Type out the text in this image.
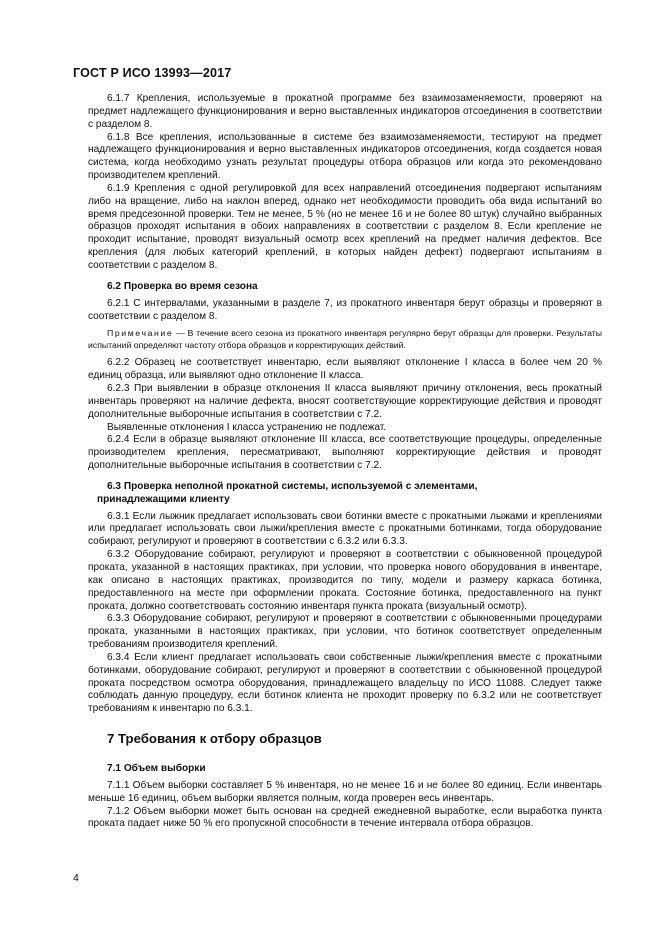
ГОСТ Р ИСО 13993—2017

6.1.7 Крепления, используемые в прокатной программе без взаимозаменяемости, проверяют на предмет надлежащего функционирования и верно выставленных индикаторов отсоединения в соответствии с разделом 8.

6.1.8 Все крепления, использованные в системе без взаимозаменяемости, тестируют на предмет надлежащего функционирования и верно выставленных индикаторов отсоединения, когда создается новая система, когда необходимо узнать результат процедуры отбора образцов или когда это рекомендовано производителем креплений.

6.1.9 Крепления с одной регулировкой для всех направлений отсоединения подвергают испытаниям либо на вращение, либо на наклон вперед, однако нет необходимости проводить оба вида испытаний во время предсезонной проверки. Тем не менее, 5 % (но не менее 16 и не более 80 штук) случайно выбранных образцов проходят испытания в обоих направлениях в соответствии с разделом 8. Если крепление не проходит испытание, проводят визуальный осмотр всех креплений на предмет наличия дефектов. Все крепления (для любых категорий креплений, в которых найден дефект) подвергают испытаниям в соответствии с разделом 8.

6.2 Проверка во время сезона

6.2.1 С интервалами, указанными в разделе 7, из прокатного инвентаря берут образцы и проверяют в соответствии с разделом 8.

Примечание — В течение всего сезона из прокатного инвентаря регулярно берут образцы для проверки. Результаты испытаний определяют частоту отбора образцов и корректирующих действий.

6.2.2 Образец не соответствует инвентарю, если выявляют отклонение I класса в более чем 20 % единиц образца, или выявляют одно отклонение II класса.

6.2.3 При выявлении в образце отклонения II класса выявляют причину отклонения, весь прокатный инвентарь проверяют на наличие дефекта, вносят соответствующие корректирующие действия и проводят дополнительные выборочные испытания в соответствии с 7.2.

Выявленные отклонения I класса устранению не подлежат.

6.2.4 Если в образце выявляют отклонение III класса, все соответствующие процедуры, определенные производителем крепления, пересматривают, выполняют корректирующие действия и проводят дополнительные выборочные испытания в соответствии с 7.2.

6.3 Проверка неполной прокатной системы, используемой с элементами,
принадлежащими клиенту

6.3.1 Если лыжник предлагает использовать свои ботинки вместе с прокатными лыжами и креплениями или предлагает использовать свои лыжи/крепления вместе с прокатными ботинками, тогда оборудование собирают, регулируют и проверяют в соответствии с 6.3.2 или 6.3.3.

6.3.2 Оборудование собирают, регулируют и проверяют в соответствии с обыкновенной процедурой проката, указанной в настоящих практиках, при условии, что проверка нового оборудования в инвентаре, как описано в настоящих практиках, производится по типу, модели и размеру каркаса ботинка, предоставленного на месте при оформлении проката. Состояние ботинка, предоставленного на пункт проката, должно соответствовать состоянию инвентаря пункта проката (визуальный осмотр).

6.3.3 Оборудование собирают, регулируют и проверяют в соответствии с обыкновенными процедурами проката, указанными в настоящих практиках, при условии, что ботинок соответствует определенным требованиям производителя креплений.

6.3.4 Если клиент предлагает использовать свои собственные лыжи/крепления вместе с прокатными ботинками, оборудование собирают, регулируют и проверяют в соответствии с обыкновенной процедурой проката посредством осмотра оборудования, принадлежащего владельцу по ИСО 11088. Следует также соблюдать данную процедуру, если ботинок клиента не проходит проверку по 6.3.2 или не соответствует требованиям к инвентарю по 6.3.1.

7 Требования к отбору образцов
7.1 Объем выборки

7.1.1 Объем выборки составляет 5 % инвентаря, но не менее 16 и не более 80 единиц. Если инвентарь меньше 16 единиц, объем выборки является полным, когда проверен весь инвентарь.

7.1.2 Объем выборки может быть основан на средней ежедневной выработке, если выработка пункта проката падает ниже 50 % его пропускной способности в течение интервала отбора образцов.

4
